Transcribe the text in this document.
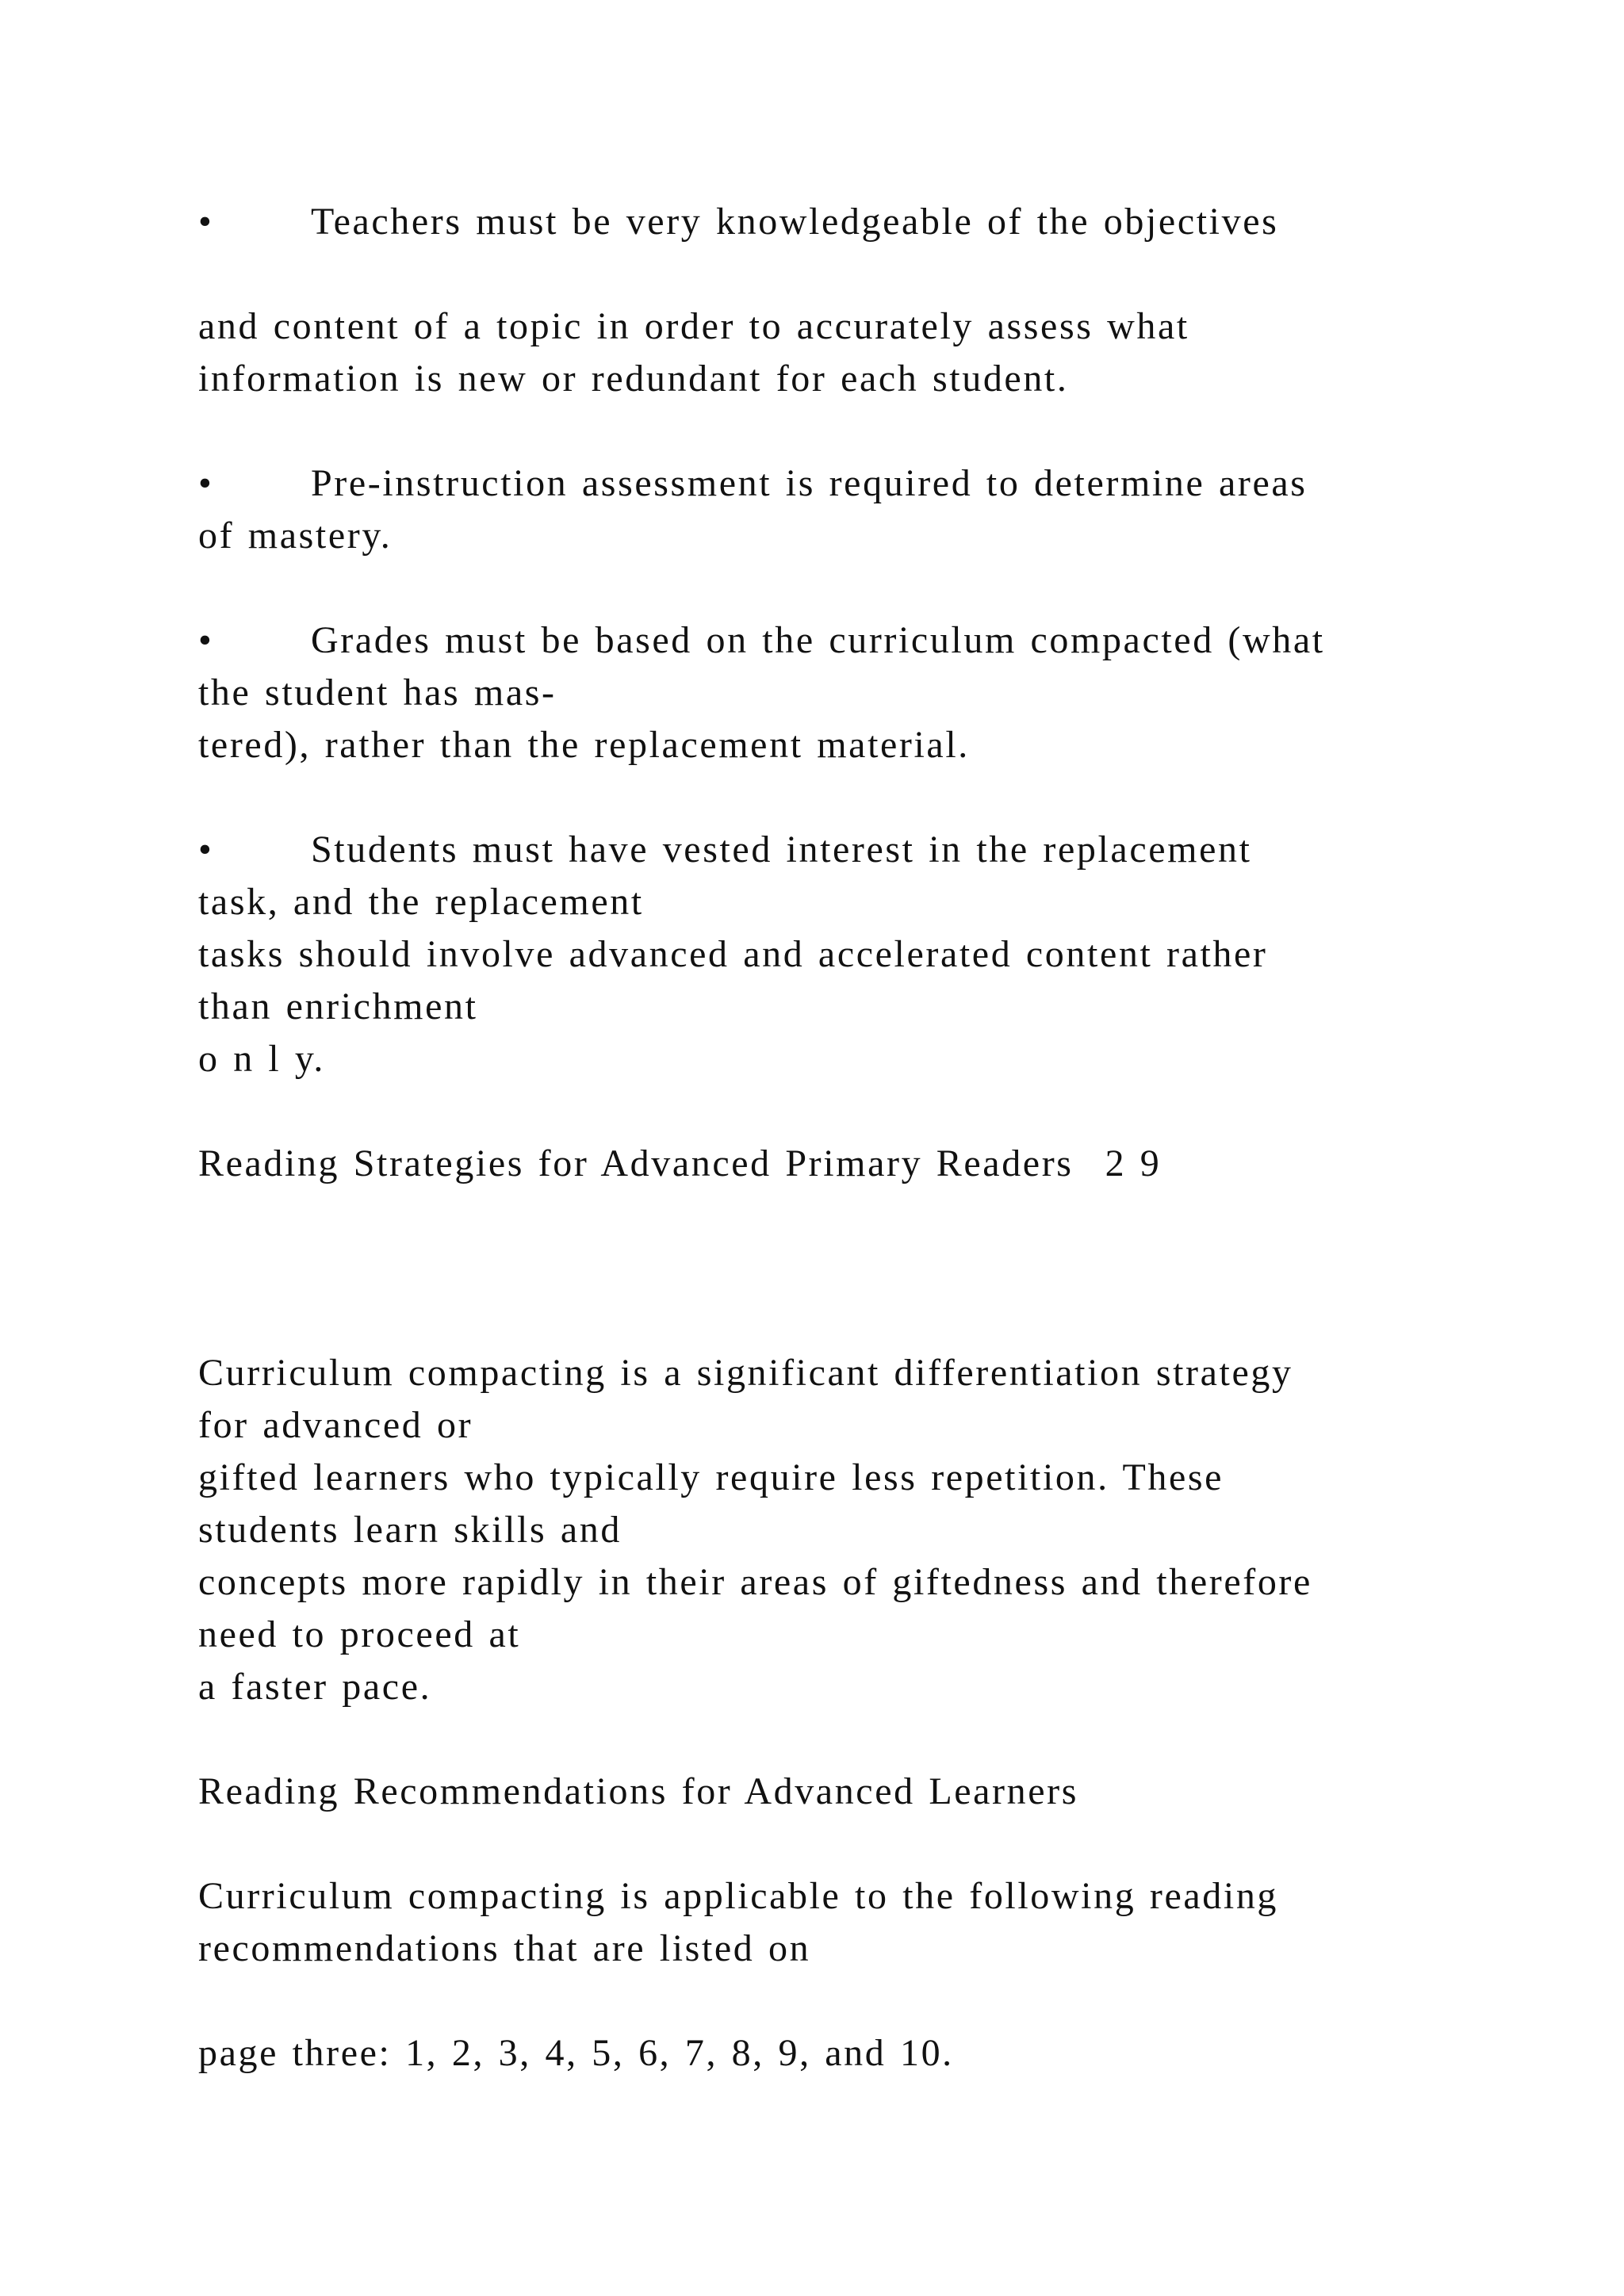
•	Teachers must be very knowledgeable of the objectives
and content of a topic in order to accurately assess what
information is new or redundant for each student.
•	Pre-instruction assessment is required to determine areas
of mastery.
•	Grades must be based on the curriculum compacted (what
the student has mas-
tered), rather than the replacement material.
•	Students must have vested interest in the replacement
task, and the replacement
tasks should involve advanced and accelerated content rather
than enrichment
o n l y.
Reading Strategies for Advanced Primary Readers 2 9
Curriculum compacting is a significant differentiation strategy
for advanced or
gifted learners who typically require less repetition. These
students learn skills and
concepts more rapidly in their areas of giftedness and therefore
need to proceed at
a faster pace.
Reading Recommendations for Advanced Learners
Curriculum compacting is applicable to the following reading
recommendations that are listed on
page three: 1, 2, 3, 4, 5, 6, 7, 8, 9, and 10.
